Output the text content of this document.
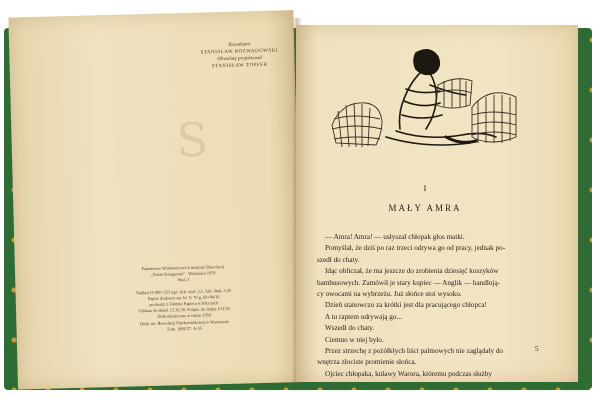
Rysunkami
STANISŁAW ROZWADOWSKI
Obwolutę projektował
STANISŁAW TOPFER
S
Państwowe Wydawnictwo Literatury Dziecięcej
„Nasza Księgarnia” · Warszawa 1959
Wyd. I
Nakład 10 000+253 egz. Ark. wyd. 3,5. Ark. druk. 3,25
Papier drukowy sat. kl. V, 70 g, 60×84/16
pochodzi z Fabryki Papieru w Kluczach
Oddano do skład. 15.XI.58. Podpis. do druku 19.I.59
Druk ukończono w lutym 1959
Druk. im. Rewolucji Październikowej w Warszawie
Zam. 1881/57. A-55
I
MAŁY AMRA
— Amra! Amra! — usłyszał chłopak głos matki.
Pomyślał, że dziś po raz trzeci odrywa go od pracy, jednak po-
szedł do chaty.
Idąc obliczał, że ma jeszcze do zrobienia dziesięć koszyków
bambusowych. Zamówił je stary kupiec — Anglik — handlują-
cy owocami na wybrzeżu. Już słońce stoi wysoko.
Dzień stanowczo za krótki jest dla pracującego chłopca!
A tu raptem odrywają go...
Wszedł do chaty.
Ciemno w niej było.
Przez strzechę z pożółkłych liści palmowych nie zaglądały do
wnętrza złociste promienie słońca.
Ojciec chłopaka, kulawy Warora, któremu podczas służby
5
